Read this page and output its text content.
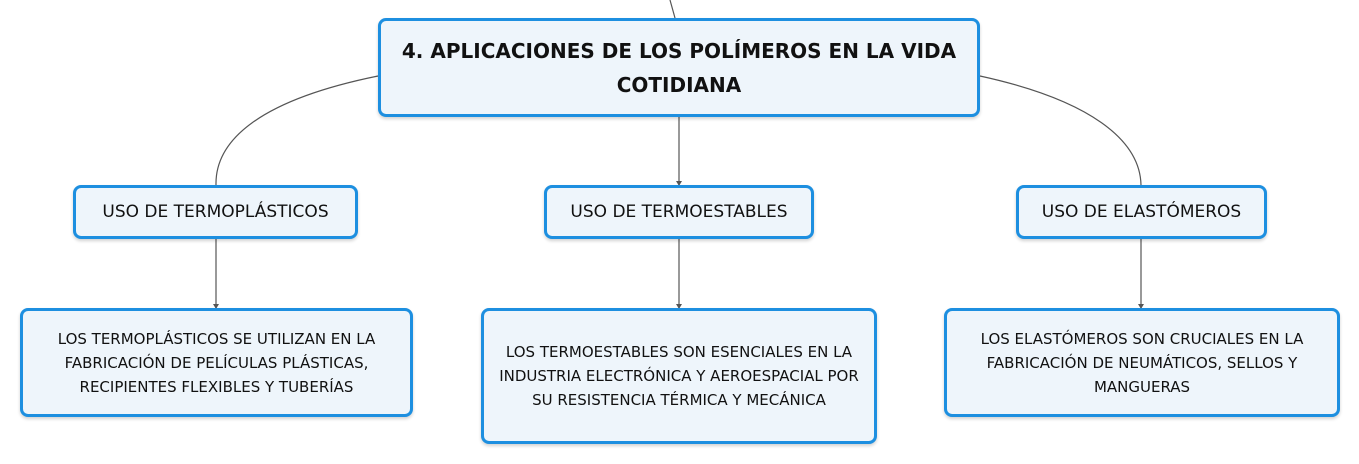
4. APLICACIONES DE LOS POLÍMEROS EN LA VIDA COTIDIANA
USO DE TERMOPLÁSTICOS	USO DE TERMOESTABLES	USO DE ELASTÓMEROS
LOS TERMOPLÁSTICOS SE UTILIZAN EN LA FABRICACIÓN DE PELÍCULAS PLÁSTICAS, RECIPIENTES FLEXIBLES Y TUBERÍAS
LOS TERMOESTABLES SON ESENCIALES EN LA INDUSTRIA ELECTRÓNICA Y AEROESPACIAL POR SU RESISTENCIA TÉRMICA Y MECÁNICA
LOS ELASTÓMEROS SON CRUCIALES EN LA FABRICACIÓN DE NEUMÁTICOS, SELLOS Y MANGUERAS
